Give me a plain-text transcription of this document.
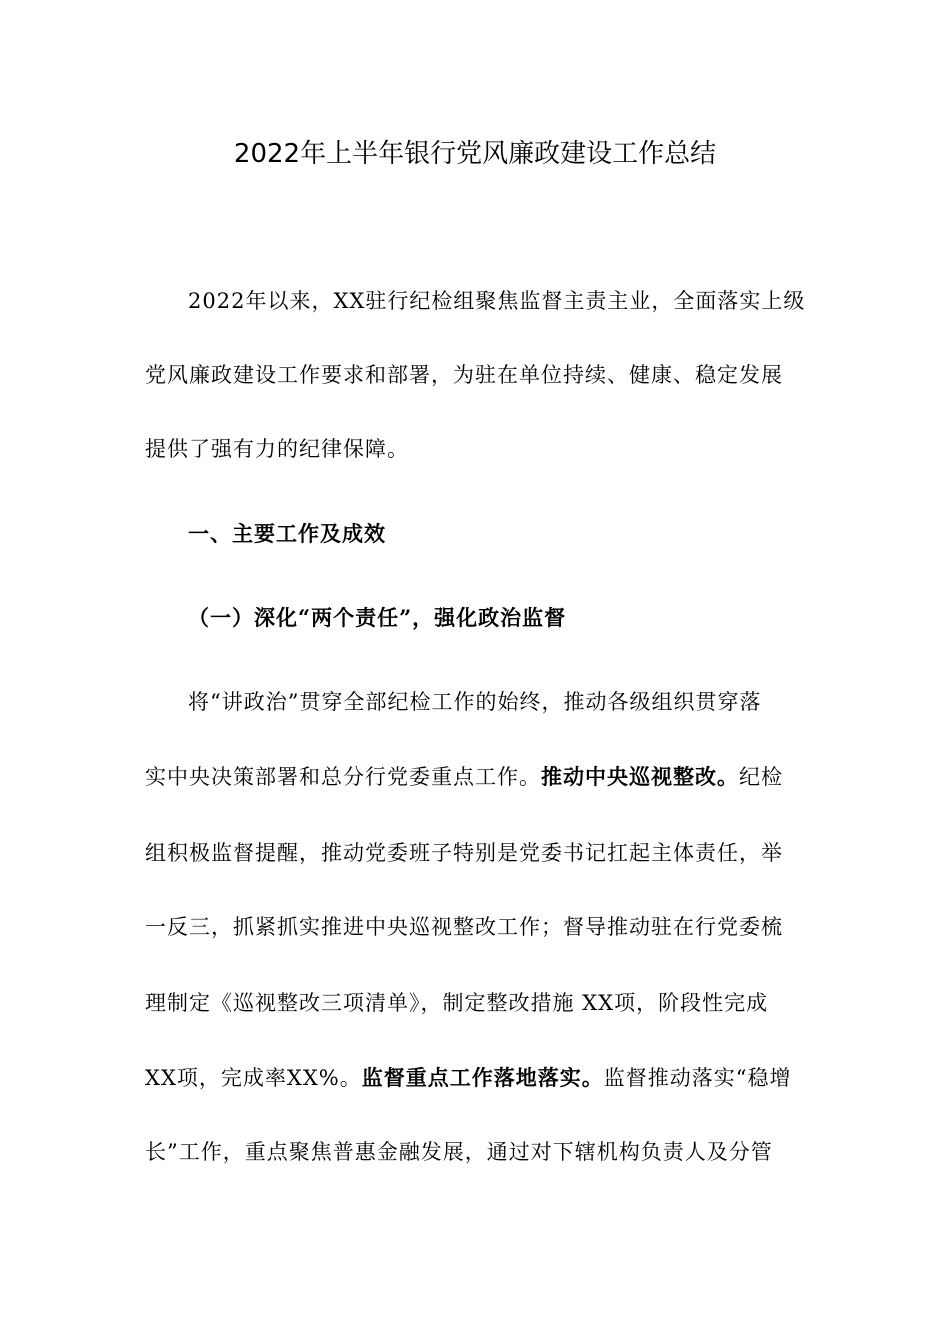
2022年上半年银行党风廉政建设工作总结
2022年以来，XX驻行纪检组聚焦监督主责主业，全面落实上级
党风廉政建设工作要求和部署，为驻在单位持续、健康、稳定发展
提供了强有力的纪律保障。
一、主要工作及成效
（一）深化“两个责任”，强化政治监督
将“讲政治”贯穿全部纪检工作的始终，推动各级组织贯穿落
实中央决策部署和总分行党委重点工作。推动中央巡视整改。纪检
组积极监督提醒，推动党委班子特别是党委书记扛起主体责任，举
一反三，抓紧抓实推进中央巡视整改工作；督导推动驻在行党委梳
理制定《巡视整改三项清单》，制定整改措施 XX项，阶段性完成
XX项，完成率XX%。监督重点工作落地落实。监督推动落实“稳增
长”工作，重点聚焦普惠金融发展，通过对下辖机构负责人及分管
